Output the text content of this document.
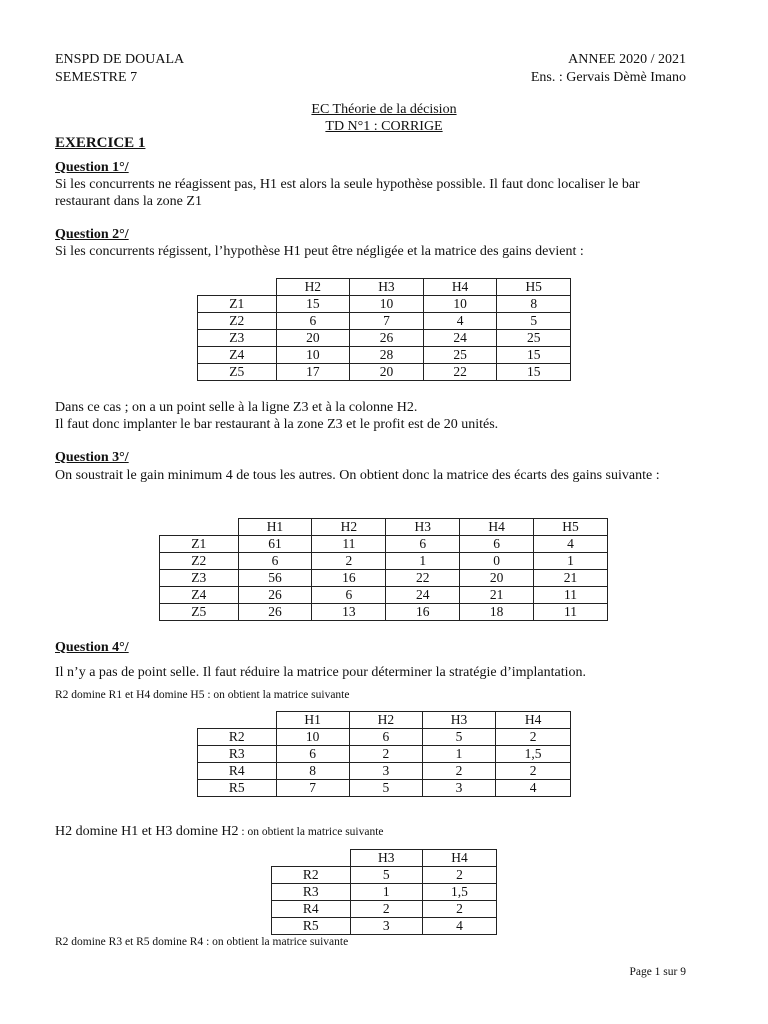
ENSPD DE DOUALA
SEMESTRE 7
ANNEE 2020 / 2021
Ens. : Gervais Dèmè Imano
EC Théorie de la décision
TD N°1 : CORRIGE
EXERCICE 1
Question 1°/
Si les concurrents ne réagissent pas, H1 est alors la seule hypothèse possible. Il faut donc localiser le bar
restaurant dans la zone Z1
Question 2°/
Si les concurrents régissent, l’hypothèse H1 peut être négligée et la matrice des gains devient :
	H2	H3	H4	H5
Z1	15	10	10	8
Z2	6	7	4	5
Z3	20	26	24	25
Z4	10	28	25	15
Z5	17	20	22	15
Dans ce cas ; on a un point selle à la ligne Z3 et à la colonne H2.
Il faut donc implanter le bar restaurant à la zone Z3 et le profit est de 20 unités.
Question 3°/
On soustrait le gain minimum 4 de tous les autres. On obtient donc la matrice des écarts des gains suivante :
	H1	H2	H3	H4	H5
Z1	61	11	6	6	4
Z2	6	2	1	0	1
Z3	56	16	22	20	21
Z4	26	6	24	21	11
Z5	26	13	16	18	11
Question 4°/
Il n’y a pas de point selle. Il faut réduire la matrice pour déterminer la stratégie d’implantation.
R2 domine R1 et H4 domine H5 : on obtient la matrice suivante
	H1	H2	H3	H4
R2	10	6	5	2
R3	6	2	1	1,5
R4	8	3	2	2
R5	7	5	3	4
H2 domine H1 et H3 domine H2 : on obtient la matrice suivante
	H3	H4
R2	5	2
R3	1	1,5
R4	2	2
R5	3	4
R2 domine R3 et R5 domine R4 : on obtient la matrice suivante
Page 1 sur 9
